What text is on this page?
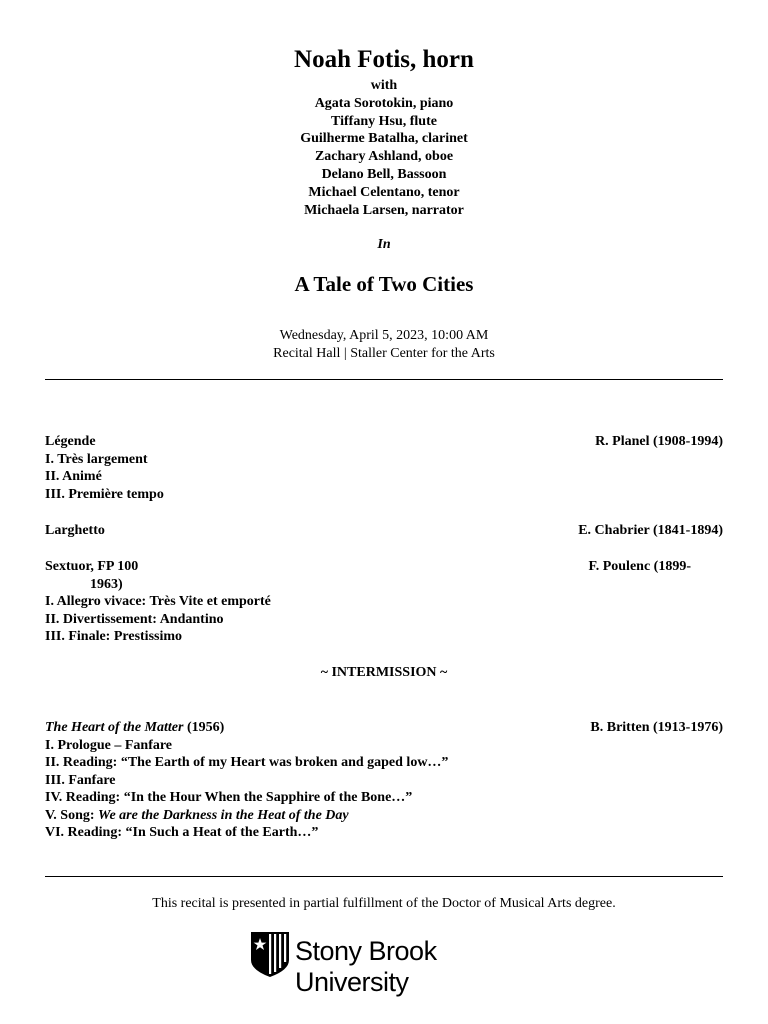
Noah Fotis, horn
with
Agata Sorotokin, piano
Tiffany Hsu, flute
Guilherme Batalha, clarinet
Zachary Ashland, oboe
Delano Bell, Bassoon
Michael Celentano, tenor
Michaela Larsen, narrator
In
A Tale of Two Cities
Wednesday, April 5, 2023, 10:00 AM
Recital Hall | Staller Center for the Arts
Légende	R. Planel (1908-1994)
I. Très largement
II. Animé
III. Première tempo
Larghetto	E. Chabrier (1841-1894)
Sextuor, FP 100	F. Poulenc (1899-
1963)
I. Allegro vivace: Très Vite et emporté
II. Divertissement: Andantino
III. Finale: Prestissimo
~ INTERMISSION ~
The Heart of the Matter (1956)	B. Britten (1913-1976)
I. Prologue – Fanfare
II. Reading: “The Earth of my Heart was broken and gaped low…”
III. Fanfare
IV. Reading: “In the Hour When the Sapphire of the Bone…”
V. Song: We are the Darkness in the Heat of the Day
VI. Reading: “In Such a Heat of the Earth…”
This recital is presented in partial fulfillment of the Doctor of Musical Arts degree.
Stony Brook University
